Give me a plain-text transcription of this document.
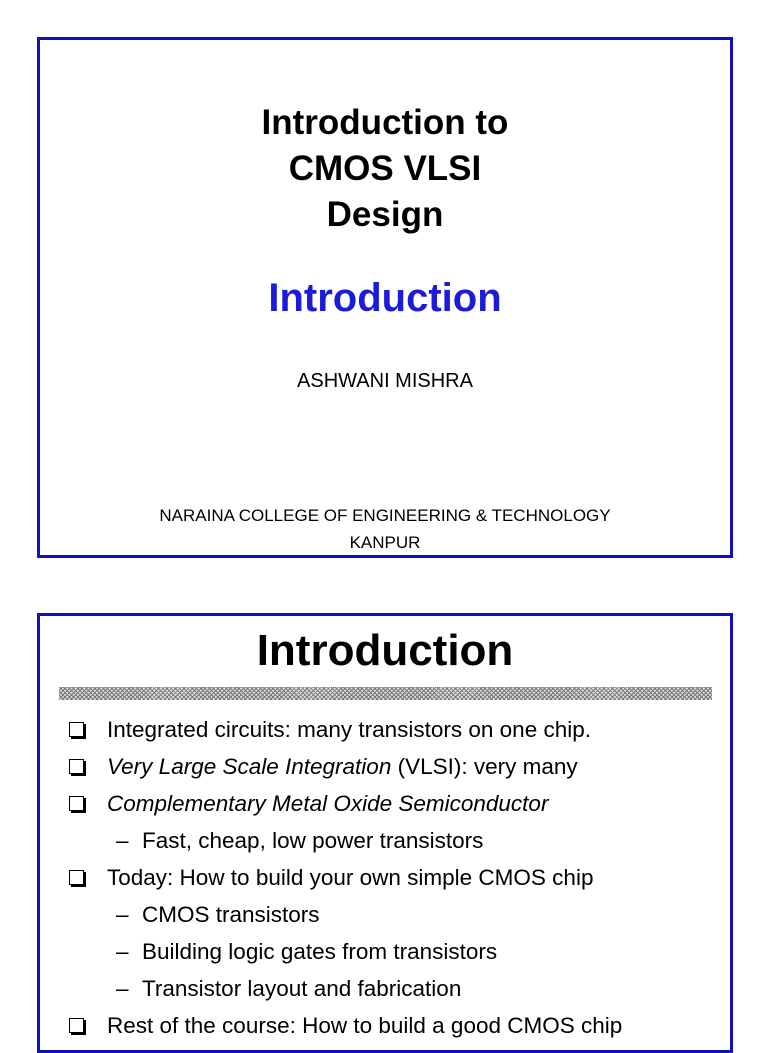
Introduction to
CMOS VLSI
Design
Introduction
ASHWANI MISHRA
NARAINA COLLEGE OF ENGINEERING & TECHNOLOGY
KANPUR
Introduction
Integrated circuits: many transistors on one chip.
Very Large Scale Integration (VLSI): very many
Complementary Metal Oxide Semiconductor
– Fast, cheap, low power transistors
Today: How to build your own simple CMOS chip
– CMOS transistors
– Building logic gates from transistors
– Transistor layout and fabrication
Rest of the course: How to build a good CMOS chip
